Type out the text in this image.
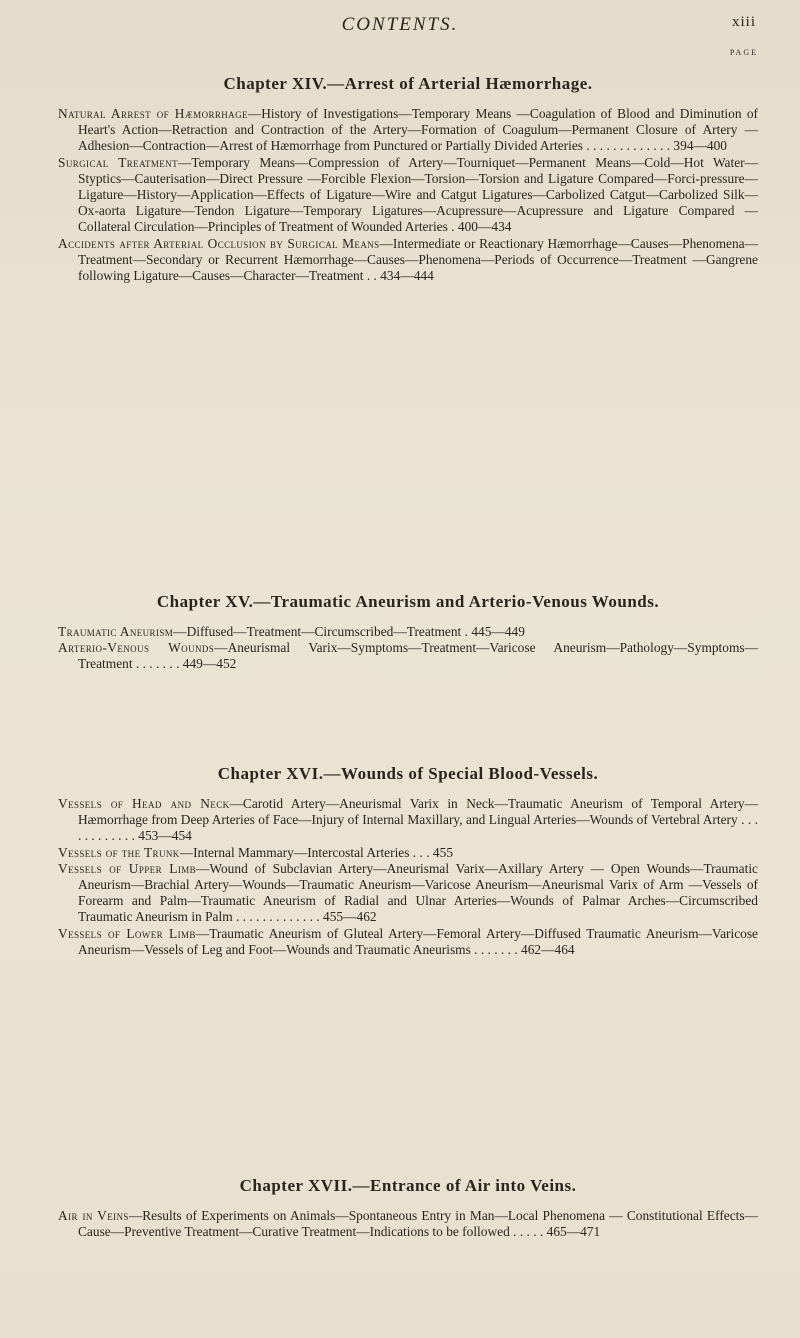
CONTENTS.	xiii
PAGE
Chapter XIV.—Arrest of Arterial Hæmorrhage.

Natural Arrest of Hæmorrhage—History of Investigations—Temporary Means —Coagulation of Blood and Diminution of Heart's Action—Retraction and Contraction of the Artery—Formation of Coagulum—Permanent Closure of Artery —Adhesion—Contraction—Arrest of Hæmorrhage from Punctured or Partially Divided Arteries . . . . . . . . . . . . . 394—400

Surgical Treatment—Temporary Means—Compression of Artery—Tourniquet—Permanent Means—Cold—Hot Water—Styptics—Cauterisation—Direct Pressure —Forcible Flexion—Torsion—Torsion and Ligature Compared—Forci-pressure—Ligature—History—Application—Effects of Ligature—Wire and Catgut Ligatures—Carbolized Catgut—Carbolized Silk—Ox-aorta Ligature—Tendon Ligature—Temporary Ligatures—Acupressure—Acupressure and Ligature Compared —Collateral Circulation—Principles of Treatment of Wounded Arteries . 400—434

Accidents after Arterial Occlusion by Surgical Means—Intermediate or Reactionary Hæmorrhage—Causes—Phenomena—Treatment—Secondary or Recurrent Hæmorrhage—Causes—Phenomena—Periods of Occurrence—Treatment —Gangrene following Ligature—Causes—Character—Treatment . . 434—444

Chapter XV.—Traumatic Aneurism and Arterio-Venous Wounds.

Traumatic Aneurism—Diffused—Treatment—Circumscribed—Treatment . 445—449

Arterio-Venous Wounds—Aneurismal Varix—Symptoms—Treatment—Varicose Aneurism—Pathology—Symptoms—Treatment . . . . . . . 449—452

Chapter XVI.—Wounds of Special Blood-Vessels.

Vessels of Head and Neck—Carotid Artery—Aneurismal Varix in Neck—Traumatic Aneurism of Temporal Artery—Hæmorrhage from Deep Arteries of Face—Injury of Internal Maxillary, and Lingual Arteries—Wounds of Vertebral Artery . . . . . . . . . . . . 453—454

Vessels of the Trunk—Internal Mammary—Intercostal Arteries . . . 455

Vessels of Upper Limb—Wound of Subclavian Artery—Aneurismal Varix—Axillary Artery — Open Wounds—Traumatic Aneurism—Brachial Artery—Wounds—Traumatic Aneurism—Varicose Aneurism—Aneurismal Varix of Arm —Vessels of Forearm and Palm—Traumatic Aneurism of Radial and Ulnar Arteries—Wounds of Palmar Arches—Circumscribed Traumatic Aneurism in Palm . . . . . . . . . . . . . 455—462

Vessels of Lower Limb—Traumatic Aneurism of Gluteal Artery—Femoral Artery—Diffused Traumatic Aneurism—Varicose Aneurism—Vessels of Leg and Foot—Wounds and Traumatic Aneurisms . . . . . . . 462—464

Chapter XVII.—Entrance of Air into Veins.

Air in Veins—Results of Experiments on Animals—Spontaneous Entry in Man—Local Phenomena — Constitutional Effects—Cause—Preventive Treatment—Curative Treatment—Indications to be followed . . . . . 465—471
